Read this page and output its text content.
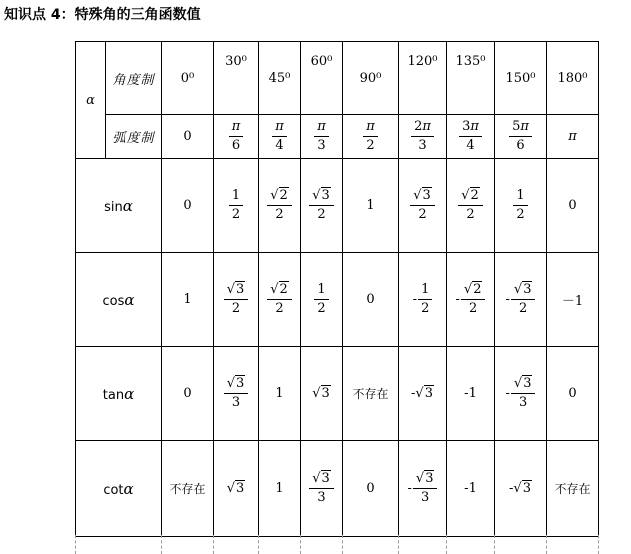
知识点 4：特殊角的三角函数值
α	角度制	0⁰	30⁰	45⁰	60⁰	90⁰	120⁰	135⁰	150⁰	180⁰
	弧度制	0	$\frac{\pi}{6}$	$\frac{\pi}{4}$	$\frac{\pi}{3}$	$\frac{\pi}{2}$	$\frac{2\pi}{3}$	$\frac{3\pi}{4}$	$\frac{5\pi}{6}$	π
sinα		0	$\frac{1}{2}$	$\frac{√2}{2}$	$\frac{√3}{2}$	1	$\frac{√3}{2}$	$\frac{√2}{2}$	$\frac{1}{2}$	0
cosα		1	$\frac{√3}{2}$	$\frac{√2}{2}$	$\frac{1}{2}$	0	- $\frac{1}{2}$	- $\frac{√2}{2}$	- $\frac{√3}{2}$	－1
tanα		0	$\frac{√3}{3}$	1	√3	不存在	-√3	-1	- $\frac{√3}{3}$	0
cotα		不存在	√3	1	$\frac{√3}{3}$	0	- $\frac{√3}{3}$	-1	-√3	不存在
